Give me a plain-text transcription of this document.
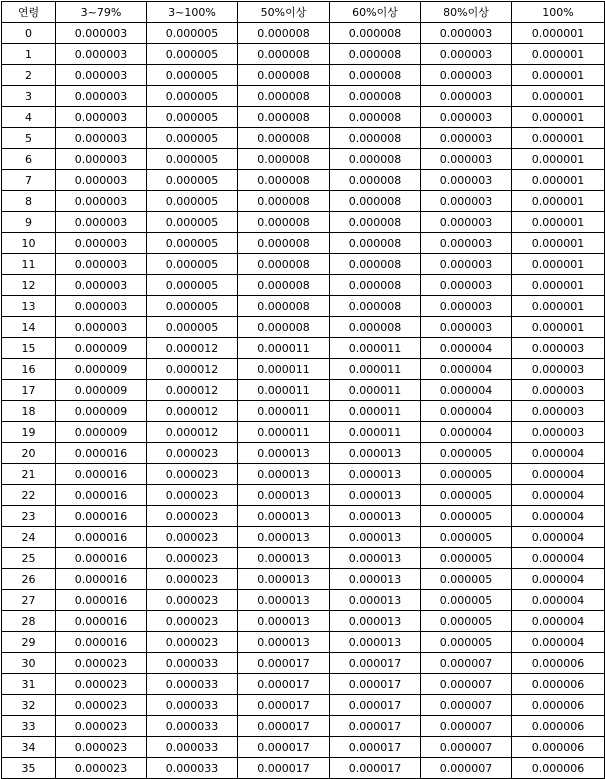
연령	3~79%	3~100%	50%이상	60%이상	80%이상	100%
0	0.000003	0.000005	0.000008	0.000008	0.000003	0.000001
1	0.000003	0.000005	0.000008	0.000008	0.000003	0.000001
2	0.000003	0.000005	0.000008	0.000008	0.000003	0.000001
3	0.000003	0.000005	0.000008	0.000008	0.000003	0.000001
4	0.000003	0.000005	0.000008	0.000008	0.000003	0.000001
5	0.000003	0.000005	0.000008	0.000008	0.000003	0.000001
6	0.000003	0.000005	0.000008	0.000008	0.000003	0.000001
7	0.000003	0.000005	0.000008	0.000008	0.000003	0.000001
8	0.000003	0.000005	0.000008	0.000008	0.000003	0.000001
9	0.000003	0.000005	0.000008	0.000008	0.000003	0.000001
10	0.000003	0.000005	0.000008	0.000008	0.000003	0.000001
11	0.000003	0.000005	0.000008	0.000008	0.000003	0.000001
12	0.000003	0.000005	0.000008	0.000008	0.000003	0.000001
13	0.000003	0.000005	0.000008	0.000008	0.000003	0.000001
14	0.000003	0.000005	0.000008	0.000008	0.000003	0.000001
15	0.000009	0.000012	0.000011	0.000011	0.000004	0.000003
16	0.000009	0.000012	0.000011	0.000011	0.000004	0.000003
17	0.000009	0.000012	0.000011	0.000011	0.000004	0.000003
18	0.000009	0.000012	0.000011	0.000011	0.000004	0.000003
19	0.000009	0.000012	0.000011	0.000011	0.000004	0.000003
20	0.000016	0.000023	0.000013	0.000013	0.000005	0.000004
21	0.000016	0.000023	0.000013	0.000013	0.000005	0.000004
22	0.000016	0.000023	0.000013	0.000013	0.000005	0.000004
23	0.000016	0.000023	0.000013	0.000013	0.000005	0.000004
24	0.000016	0.000023	0.000013	0.000013	0.000005	0.000004
25	0.000016	0.000023	0.000013	0.000013	0.000005	0.000004
26	0.000016	0.000023	0.000013	0.000013	0.000005	0.000004
27	0.000016	0.000023	0.000013	0.000013	0.000005	0.000004
28	0.000016	0.000023	0.000013	0.000013	0.000005	0.000004
29	0.000016	0.000023	0.000013	0.000013	0.000005	0.000004
30	0.000023	0.000033	0.000017	0.000017	0.000007	0.000006
31	0.000023	0.000033	0.000017	0.000017	0.000007	0.000006
32	0.000023	0.000033	0.000017	0.000017	0.000007	0.000006
33	0.000023	0.000033	0.000017	0.000017	0.000007	0.000006
34	0.000023	0.000033	0.000017	0.000017	0.000007	0.000006
35	0.000023	0.000033	0.000017	0.000017	0.000007	0.000006
